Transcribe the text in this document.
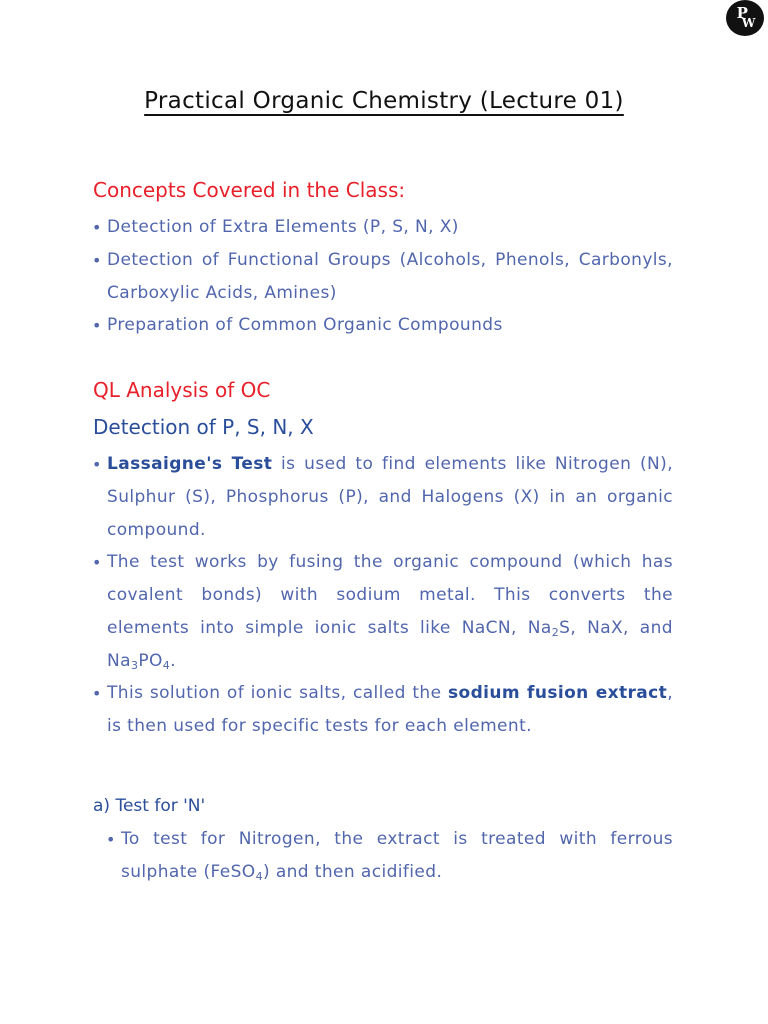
P
W
Practical Organic Chemistry (Lecture 01)
Concepts Covered in the Class:
• Detection of Extra Elements (P, S, N, X)
• Detection of Functional Groups (Alcohols, Phenols, Carbonyls, Carboxylic Acids, Amines)
• Preparation of Common Organic Compounds
QL Analysis of OC
Detection of P, S, N, X
• Lassaigne's Test is used to find elements like Nitrogen (N), Sulphur (S), Phosphorus (P), and Halogens (X) in an organic compound.
• The test works by fusing the organic compound (which has covalent bonds) with sodium metal. This converts the elements into simple ionic salts like NaCN, $Na_2S$, NaX, and $Na_3PO_4$.
• This solution of ionic salts, called the sodium fusion extract, is then used for specific tests for each element.
a) Test for 'N'
• To test for Nitrogen, the extract is treated with ferrous sulphate (FeSO$_4$) and then acidified.
